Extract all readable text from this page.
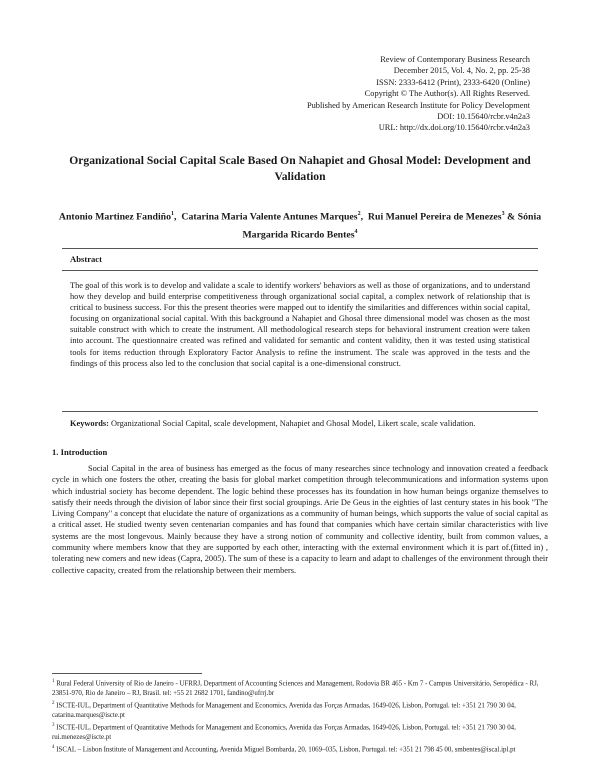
Review of Contemporary Business Research
December 2015, Vol. 4, No. 2, pp. 25-38
ISSN: 2333-6412 (Print), 2333-6420 (Online)
Copyright © The Author(s). All Rights Reserved.
Published by American Research Institute for Policy Development
DOI: 10.15640/rcbr.v4n2a3
URL: http://dx.doi.org/10.15640/rcbr.v4n2a3
Organizational Social Capital Scale Based On Nahapiet and Ghosal Model: Development and Validation
Antonio Martinez Fandiño$^1$,  Catarina Maria Valente Antunes Marques$^2$,  Rui Manuel Pereira de Menezes$^3$ & Sónia Margarida Ricardo Bentes$^4$
Abstract
The goal of this work is to develop and validate a scale to identify workers' behaviors as well as those of organizations, and to understand how they develop and build enterprise competitiveness through organizational social capital, a complex network of relationship that is critical to business success. For this the present theories were mapped out to identify the similarities and differences within social capital, focusing on organizational social capital. With this background a Nahapiet and Ghosal three dimensional model was chosen as the most suitable construct with which to create the instrument. All methodological research steps for behavioral instrument creation were taken into account. The questionnaire created was refined and validated for semantic and content validity, then it was tested using statistical tools for items reduction through Exploratory Factor Analysis to refine the instrument. The scale was approved in the tests and the findings of this process also led to the conclusion that social capital is a one-dimensional construct.
Keywords: Organizational Social Capital, scale development, Nahapiet and Ghosal Model, Likert scale, scale validation.
1. Introduction

Social Capital in the area of business has emerged as the focus of many researches since technology and innovation created a feedback cycle in which one fosters the other, creating the basis for global market competition through telecommunications and information systems upon which industrial society has become dependent. The logic behind these processes has its foundation in how human beings organize themselves to satisfy their needs through the division of labor since their first social groupings. Arie De Geus in the eighties of last century states in his book "The Living Company" a concept that elucidate the nature of organizations as a community of human beings, which supports the value of social capital as a critical asset. He studied twenty seven centenarian companies and has found that companies which have certain similar characteristics with live systems are the most longevous. Mainly because they have a strong notion of community and collective identity, built from common values, a community where members know that they are supported by each other, interacting with the external environment which it is part of.(fitted in) , tolerating new comers and new ideas (Capra, 2005). The sum of these is a capacity to learn and adapt to challenges of the environment through their collective capacity, created from the relationship between their members.

$^1$ Rural Federal University of Rio de Janeiro - UFRRJ, Department of Accounting Sciences and Management, Rodovia BR 465 - Km 7 - Campus Universitário, Seropédica - RJ, 23851-970, Rio de Janeiro – RJ, Brasil. tel: +55 21 2682 1701, fandino@ufrrj.br

$^2$ ISCTE-IUL, Department of Quantitative Methods for Management and Economics, Avenida das Forças Armadas, 1649-026, Lisbon, Portugal. tel: +351 21 790 30 04, catarina.marques@iscte.pt

$^3$ ISCTE-IUL, Department of Quantitative Methods for Management and Economics, Avenida das Forças Armadas, 1649-026, Lisbon, Portugal. tel: +351 21 790 30 04, rui.menezes@iscte.pt

$^4$ ISCAL – Lisbon Institute of Management and Accounting, Avenida Miguel Bombarda, 20, 1069–035, Lisbon, Portugal. tel: +351 21 798 45 00, smbentes@iscal.ipl.pt
